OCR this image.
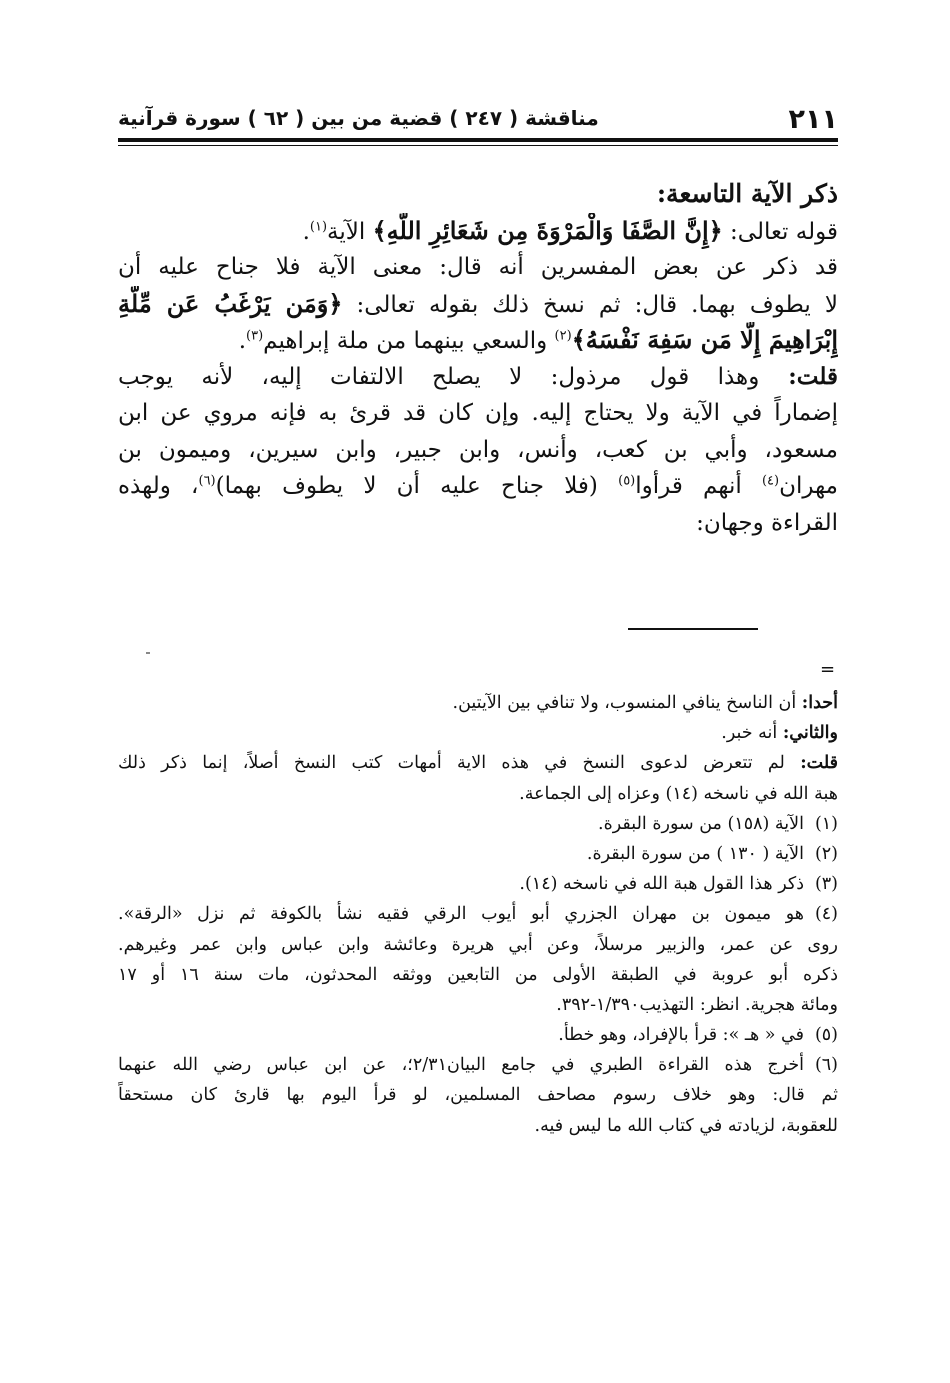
٢١١
مناقشة ( ٢٤٧ ) قضية من بين ( ٦٢ ) سورة قرآنية
ذكر الآية التاسعة:
قوله تعالى: ﴿إِنَّ الصَّفَا وَالْمَرْوَةَ مِن شَعَائِرِ اللَّهِ﴾ الآية$^{(١)}$.
قد ذكر عن بعض المفسرين أنه قال: معنى الآية فلا جناح عليه أن
لا يطوف بهما. قال: ثم نسخ ذلك بقوله تعالى: ﴿وَمَن يَرْغَبُ عَن مِّلَّةِ
إِبْرَاهِيمَ إِلَّا مَن سَفِهَ نَفْسَهُ﴾$^{(٢)}$ والسعي بينهما من ملة إبراهيم$^{(٣)}$.
قلت: وهذا قول مرذول: لا يصلح الالتفات إليه، لأنه يوجب
إضماراً في الآية ولا يحتاج إليه. وإن كان قد قرئ به فإنه مروي عن ابن
مسعود، وأبي بن كعب، وأنس، وابن جبير، وابن سيرين، وميمون بن
مهران$^{(٤)}$ أنهم قرأوا$^{(٥)}$ (فلا جناح عليه أن لا يطوف بهما)$^{(٦)}$، ولهذه
القراءة وجهان:
=
أحدا: أن الناسخ ينافي المنسوب، ولا تنافي بين الآيتين.
والثاني: أنه خبر.
قلت: لم تتعرض لدعوى النسخ في هذه الاية أمهات كتب النسخ أصلاً، إنما ذكر ذلك
هبة الله في ناسخه (١٤) وعزاه إلى الجماعة.
(١)الآية (١٥٨) من سورة البقرة.
(٢)الآية ( ١٣٠ ) من سورة البقرة.
(٣)ذكر هذا القول هبة الله في ناسخه (١٤).
(٤)هو ميمون بن مهران الجزري أبو أيوب الرقي فقيه نشأ بالكوفة ثم نزل «الرقة».
روى عن عمر، والزبير مرسلاً، وعن أبي هريرة وعائشة وابن عباس وابن عمر وغيرهم.
ذكره أبو عروبة في الطبقة الأولى من التابعين ووثقه المحدثون، مات سنة ١٦ أو ١٧
ومائة هجرية. انظر: التهذيب١/٣٩٠-٣٩٢.
(٥)في « هـ »: قرأ بالإفراد، وهو خطأ.
(٦)أخرج هذه القراءة الطبري في جامع البيان٢/٣١؛، عن ابن عباس رضي الله عنهما
ثم قال: وهو خلاف رسوم مصاحف المسلمين، لو قرأ اليوم بها قارئ كان مستحقاً
للعقوبة، لزيادته في كتاب الله ما ليس فيه.
